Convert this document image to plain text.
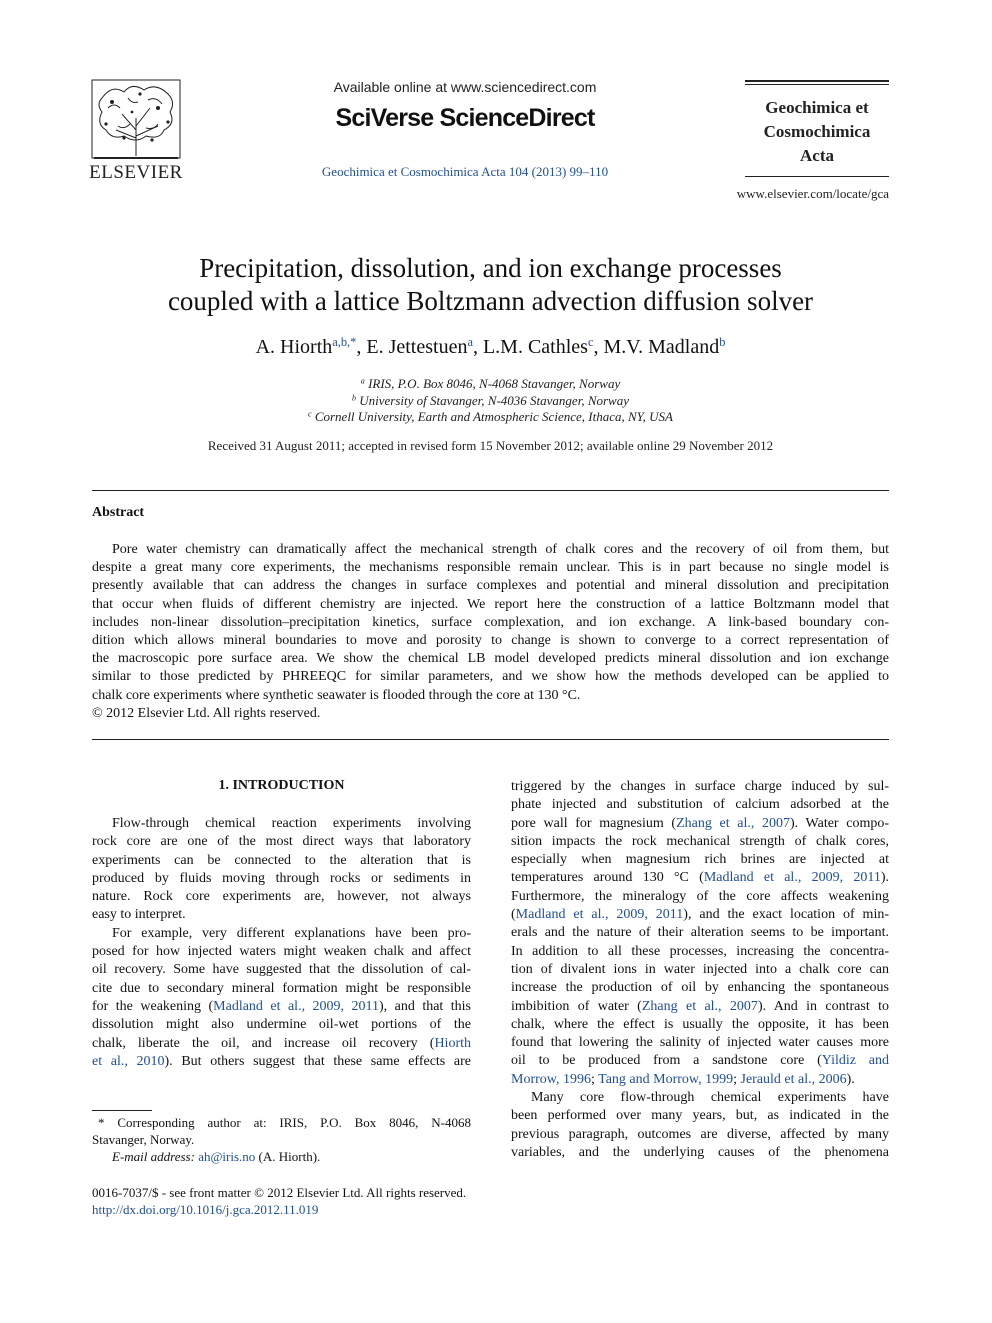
ELSEVIER
Available online at www.sciencedirect.com
SciVerse ScienceDirect
Geochimica et Cosmochimica Acta 104 (2013) 99–110
Geochimica et
Cosmochimica
Acta
www.elsevier.com/locate/gca
Precipitation, dissolution, and ion exchange processes
coupled with a lattice Boltzmann advection diffusion solver
A. Hiorth$^{a,b,*}$, E. Jettestuen$^a$, L.M. Cathles$^c$, M.V. Madland$^b$
$^a$ IRIS, P.O. Box 8046, N-4068 Stavanger, Norway
$^b$ University of Stavanger, N-4036 Stavanger, Norway
$^c$ Cornell University, Earth and Atmospheric Science, Ithaca, NY, USA
Received 31 August 2011; accepted in revised form 15 November 2012; available online 29 November 2012
Abstract
Pore water chemistry can dramatically affect the mechanical strength of chalk cores and the recovery of oil from them, but
despite a great many core experiments, the mechanisms responsible remain unclear. This is in part because no single model is
presently available that can address the changes in surface complexes and potential and mineral dissolution and precipitation
that occur when fluids of different chemistry are injected. We report here the construction of a lattice Boltzmann model that
includes non-linear dissolution–precipitation kinetics, surface complexation, and ion exchange. A link-based boundary con-
dition which allows mineral boundaries to move and porosity to change is shown to converge to a correct representation of
the macroscopic pore surface area. We show the chemical LB model developed predicts mineral dissolution and ion exchange
similar to those predicted by PHREEQC for similar parameters, and we show how the methods developed can be applied to
chalk core experiments where synthetic seawater is flooded through the core at 130 °C.
© 2012 Elsevier Ltd. All rights reserved.
1. INTRODUCTION
Flow-through chemical reaction experiments involving
rock core are one of the most direct ways that laboratory
experiments can be connected to the alteration that is
produced by fluids moving through rocks or sediments in
nature. Rock core experiments are, however, not always
easy to interpret.
For example, very different explanations have been pro-
posed for how injected waters might weaken chalk and affect
oil recovery. Some have suggested that the dissolution of cal-
cite due to secondary mineral formation might be responsible
for the weakening (Madland et al., 2009, 2011), and that this
dissolution might also undermine oil-wet portions of the
chalk, liberate the oil, and increase oil recovery (Hiorth
et al., 2010). But others suggest that these same effects are
* Corresponding author at: IRIS, P.O. Box 8046, N-4068
Stavanger, Norway.
E-mail address: ah@iris.no (A. Hiorth).
0016-7037/$ - see front matter © 2012 Elsevier Ltd. All rights reserved.
http://dx.doi.org/10.1016/j.gca.2012.11.019
triggered by the changes in surface charge induced by sul-
phate injected and substitution of calcium adsorbed at the
pore wall for magnesium (Zhang et al., 2007). Water compo-
sition impacts the rock mechanical strength of chalk cores,
especially when magnesium rich brines are injected at
temperatures around 130 °C (Madland et al., 2009, 2011).
Furthermore, the mineralogy of the core affects weakening
(Madland et al., 2009, 2011), and the exact location of min-
erals and the nature of their alteration seems to be important.
In addition to all these processes, increasing the concentra-
tion of divalent ions in water injected into a chalk core can
increase the production of oil by enhancing the spontaneous
imbibition of water (Zhang et al., 2007). And in contrast to
chalk, where the effect is usually the opposite, it has been
found that lowering the salinity of injected water causes more
oil to be produced from a sandstone core (Yildiz and
Morrow, 1996; Tang and Morrow, 1999; Jerauld et al., 2006).
Many core flow-through chemical experiments have
been performed over many years, but, as indicated in the
previous paragraph, outcomes are diverse, affected by many
variables, and the underlying causes of the phenomena
